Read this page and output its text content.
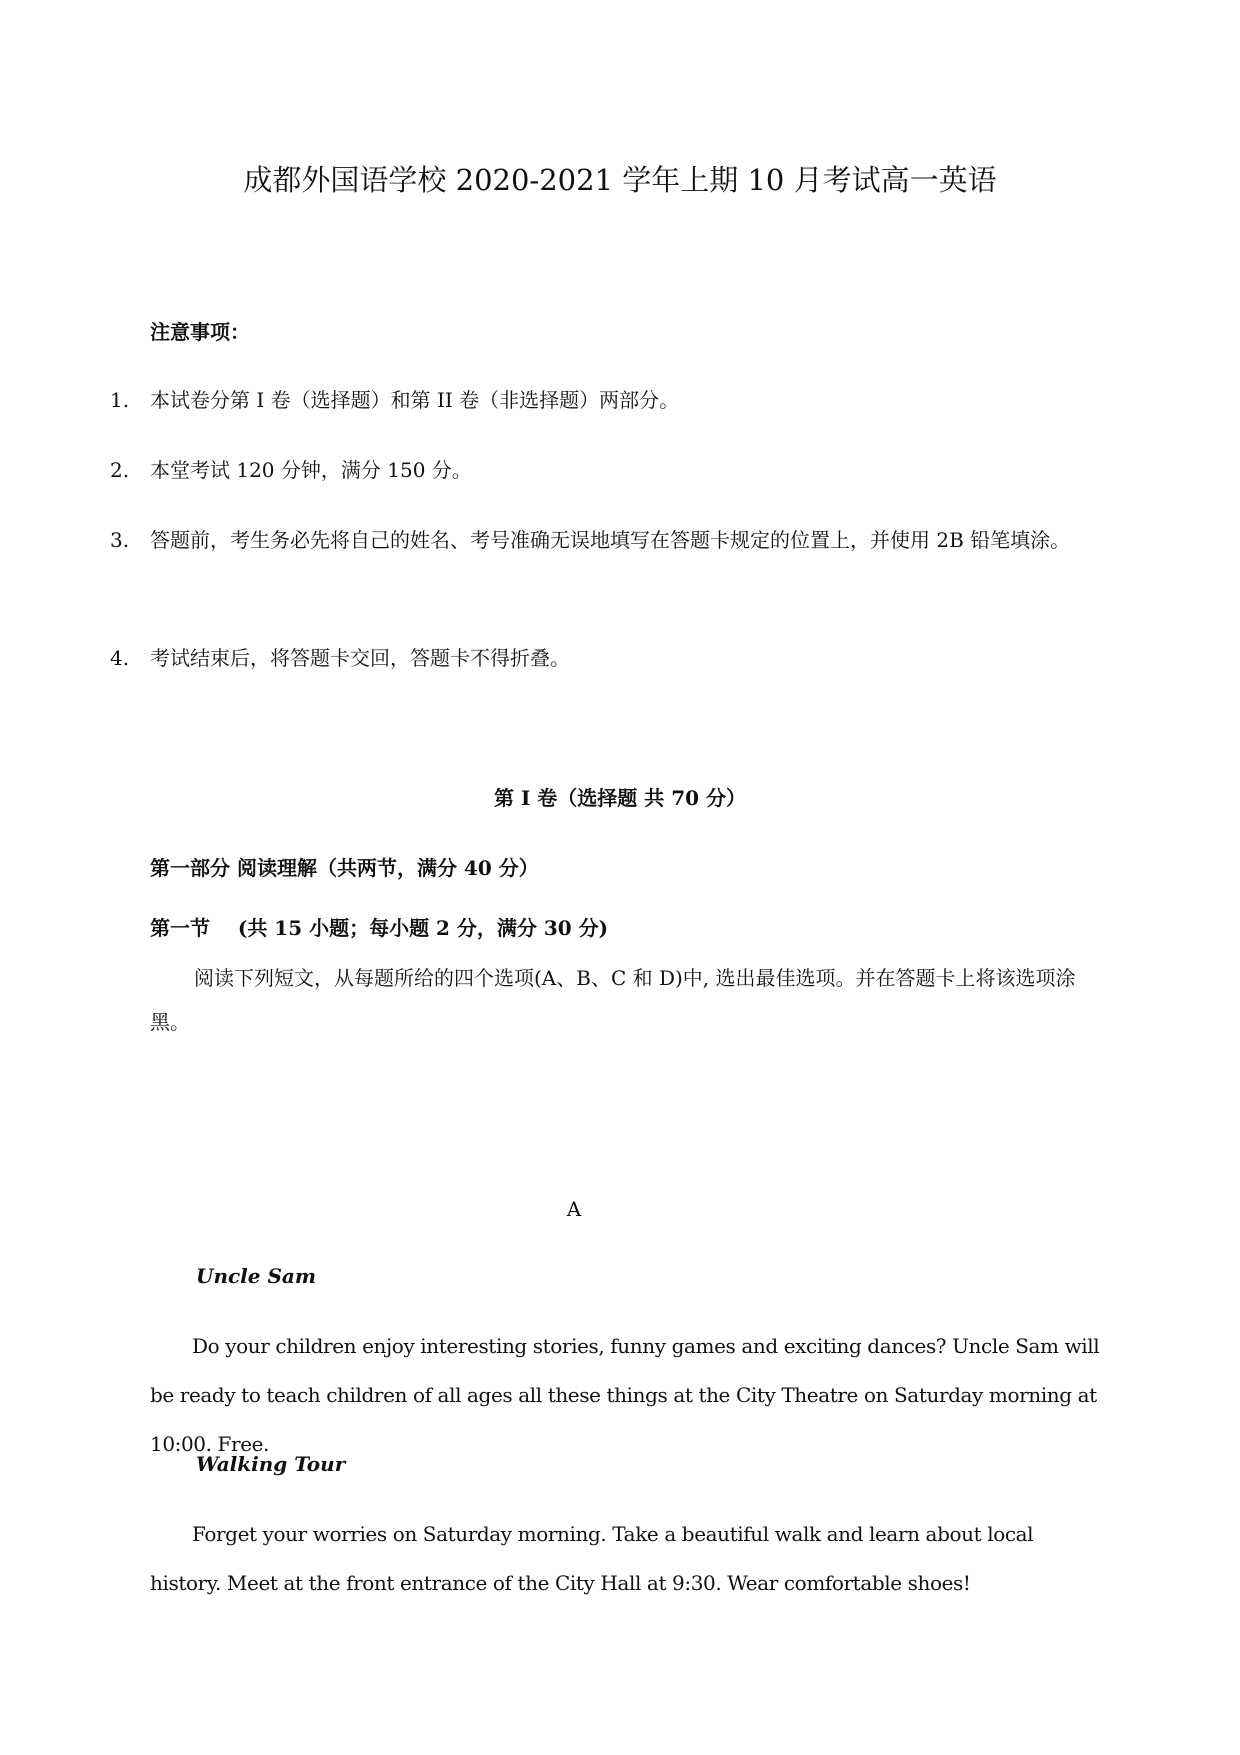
成都外国语学校 2020-2021 学年上期 10 月考试高一英语
注意事项：
1. 本试卷分第 I 卷（选择题）和第 II 卷（非选择题）两部分。
2. 本堂考试 120 分钟，满分 150 分。
3. 答题前，考生务必先将自己的姓名、考号准确无误地填写在答题卡规定的位置上，并使用 2B 铅笔填涂。
4. 考试结束后，将答题卡交回，答题卡不得折叠。
第 I 卷（选择题 共 70 分）
第一部分 阅读理解（共两节，满分 40 分）
第一节    (共 15 小题；每小题 2 分，满分 30 分)
阅读下列短文，从每题所给的四个选项(A、B、C 和 D)中, 选出最佳选项。并在答题卡上将该选项涂黑。
A
Uncle Sam
Do your children enjoy interesting stories, funny games and exciting dances? Uncle Sam will be ready to teach children of all ages all these things at the City Theatre on Saturday morning at 10:00. Free.
Walking Tour
Forget your worries on Saturday morning. Take a beautiful walk and learn about local history. Meet at the front entrance of the City Hall at 9:30. Wear comfortable shoes!
